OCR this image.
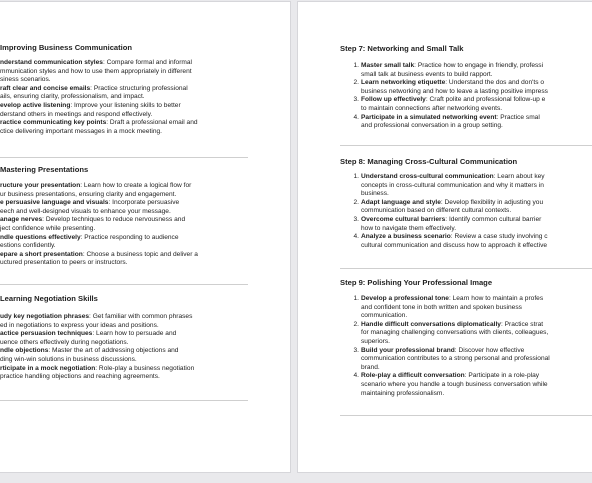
Improving Business Communication
nderstand communication styles: Compare formal and informal
mmunication styles and how to use them appropriately in different
siness scenarios.
raft clear and concise emails: Practice structuring professional
ails, ensuring clarity, professionalism, and impact.
evelop active listening: Improve your listening skills to better
derstand others in meetings and respond effectively.
ractice communicating key points: Draft a professional email and
ctice delivering important messages in a mock meeting.
Mastering Presentations
ructure your presentation: Learn how to create a logical flow for
ur business presentations, ensuring clarity and engagement.
e persuasive language and visuals: Incorporate persuasive
eech and well-designed visuals to enhance your message.
anage nerves: Develop techniques to reduce nervousness and
ject confidence while presenting.
ndle questions effectively: Practice responding to audience
estions confidently.
epare a short presentation: Choose a business topic and deliver a
uctured presentation to peers or instructors.
Learning Negotiation Skills
udy key negotiation phrases: Get familiar with common phrases
ed in negotiations to express your ideas and positions.
actice persuasion techniques: Learn how to persuade and
uence others effectively during negotiations.
ndle objections: Master the art of addressing objections and
ding win-win solutions in business discussions.
rticipate in a mock negotiation: Role-play a business negotiation
practice handling objections and reaching agreements.
Step 7: Networking and Small Talk
1. Master small talk: Practice how to engage in friendly, professi
small talk at business events to build rapport.
2. Learn networking etiquette: Understand the dos and don'ts o
business networking and how to leave a lasting positive impress
3. Follow up effectively: Craft polite and professional follow-up e
to maintain connections after networking events.
4. Participate in a simulated networking event: Practice smal
and professional conversation in a group setting.
Step 8: Managing Cross-Cultural Communication
1. Understand cross-cultural communication: Learn about key
concepts in cross-cultural communication and why it matters in
business.
2. Adapt language and style: Develop flexibility in adjusting you
communication based on different cultural contexts.
3. Overcome cultural barriers: Identify common cultural barrier
how to navigate them effectively.
4. Analyze a business scenario: Review a case study involving c
cultural communication and discuss how to approach it effective
Step 9: Polishing Your Professional Image
1. Develop a professional tone: Learn how to maintain a profes
and confident tone in both written and spoken business
communication.
2. Handle difficult conversations diplomatically: Practice strat
for managing challenging conversations with clients, colleagues,
superiors.
3. Build your professional brand: Discover how effective
communication contributes to a strong personal and professional
brand.
4. Role-play a difficult conversation: Participate in a role-play
scenario where you handle a tough business conversation while
maintaining professionalism.
